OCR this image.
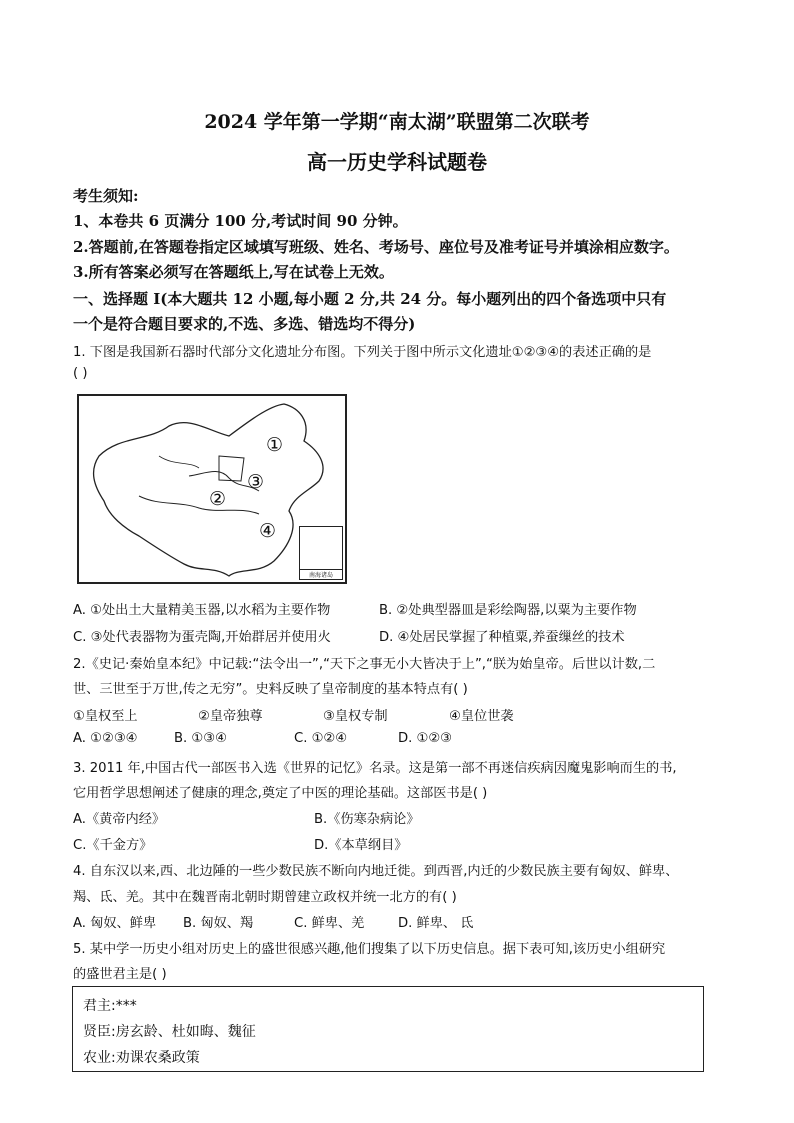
2024 学年第一学期“南太湖”联盟第二次联考
高一历史学科试题卷
考生须知:
1、本卷共 6 页满分 100 分,考试时间 90 分钟。
2.答题前,在答题卷指定区域填写班级、姓名、考场号、座位号及准考证号并填涂相应数字。
3.所有答案必须写在答题纸上,写在试卷上无效。
一、选择题 I(本大题共 12 小题,每小题 2 分,共 24 分。每小题列出的四个备选项中只有
一个是符合题目要求的,不选、多选、错选均不得分)
1. 下图是我国新石器时代部分文化遗址分布图。下列关于图中所示文化遗址①②③④的表述正确的是
( )
①
③
②
④
南海诸岛
A. ①处出土大量精美玉器,以水稻为主要作物	B. ②处典型器皿是彩绘陶器,以粟为主要作物
C. ③处代表器物为蛋壳陶,开始群居并使用火	D. ④处居民掌握了种植粟,养蚕缫丝的技术
2.《史记·秦始皇本纪》中记载:“法令出一”,“天下之事无小大皆决于上”,“朕为始皇帝。后世以计数,二
世、三世至于万世,传之无穷”。史料反映了皇帝制度的基本特点有( )
①皇权至上	②皇帝独尊	③皇权专制	④皇位世袭
A. ①②③④	B. ①③④	C. ①②④	D. ①②③
3. 2011 年,中国古代一部医书入选《世界的记忆》名录。这是第一部不再迷信疾病因魔鬼影响而生的书,
它用哲学思想阐述了健康的理念,奠定了中医的理论基础。这部医书是( )
A.《黄帝内经》	B.《伤寒杂病论》
C.《千金方》	D.《本草纲目》
4. 自东汉以来,西、北边陲的一些少数民族不断向内地迁徙。到西晋,内迁的少数民族主要有匈奴、鲜卑、
羯、氐、羌。其中在魏晋南北朝时期曾建立政权并统一北方的有( )
A. 匈奴、鲜卑 B. 匈奴、羯	C. 鲜卑、羌	D. 鲜卑、 氐
5. 某中学一历史小组对历史上的盛世很感兴趣,他们搜集了以下历史信息。据下表可知,该历史小组研究
的盛世君主是( )
君主:***
贤臣:房玄龄、杜如晦、魏征
农业:劝课农桑政策
